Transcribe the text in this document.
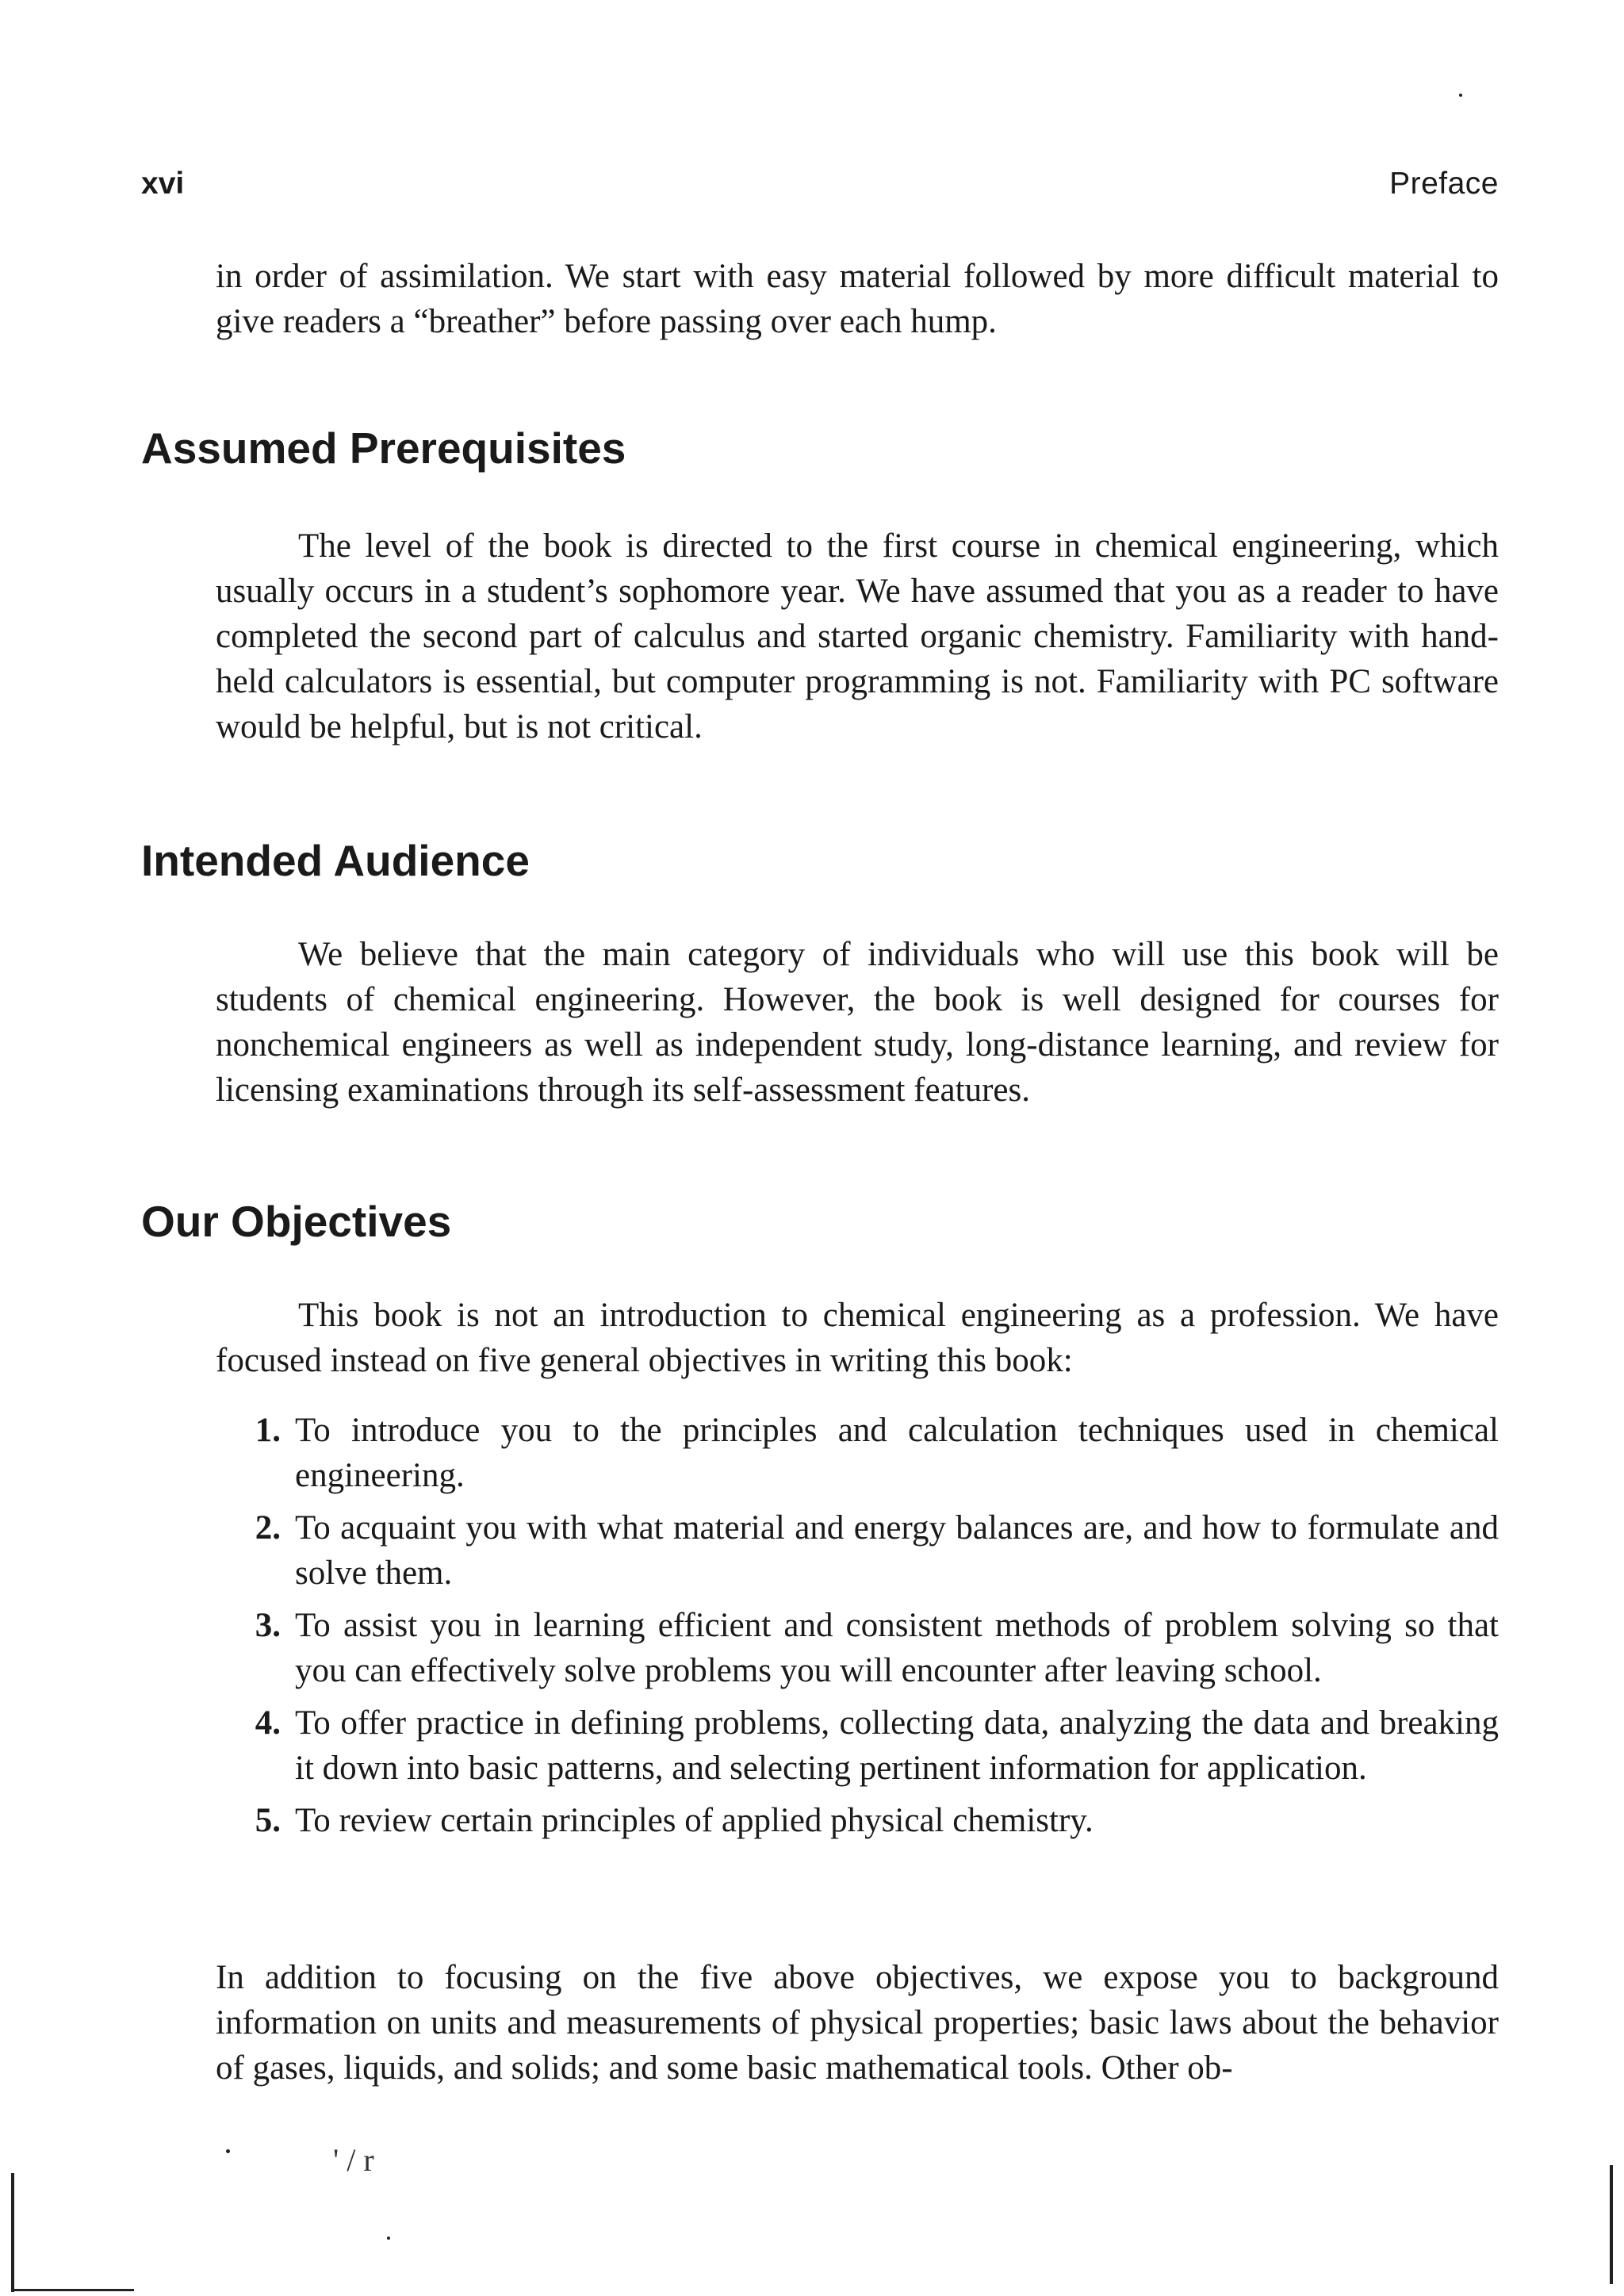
xvi	Preface

in order of assimilation. We start with easy material followed by more difficult material to give readers a “breather” before passing over each hump.

Assumed Prerequisites

The level of the book is directed to the first course in chemical engineering, which usually occurs in a student’s sophomore year. We have assumed that you as a reader to have completed the second part of calculus and started organic chemistry. Familiarity with hand-held calculators is essential, but computer programming is not. Familiarity with PC software would be helpful, but is not critical.

Intended Audience

We believe that the main category of individuals who will use this book will be students of chemical engineering. However, the book is well designed for courses for nonchemical engineers as well as independent study, long-distance learning, and review for licensing examinations through its self-assessment features.

Our Objectives

This book is not an introduction to chemical engineering as a profession. We have focused instead on five general objectives in writing this book:

1. To introduce you to the principles and calculation techniques used in chemical engineering.
2. To acquaint you with what material and energy balances are, and how to formulate and solve them.
3. To assist you in learning efficient and consistent methods of problem solving so that you can effectively solve problems you will encounter after leaving school.
4. To offer practice in defining problems, collecting data, analyzing the data and breaking it down into basic patterns, and selecting pertinent information for application.
5. To review certain principles of applied physical chemistry.

In addition to focusing on the five above objectives, we expose you to background information on units and measurements of physical properties; basic laws about the behavior of gases, liquids, and solids; and some basic mathematical tools. Other ob-

' / r
